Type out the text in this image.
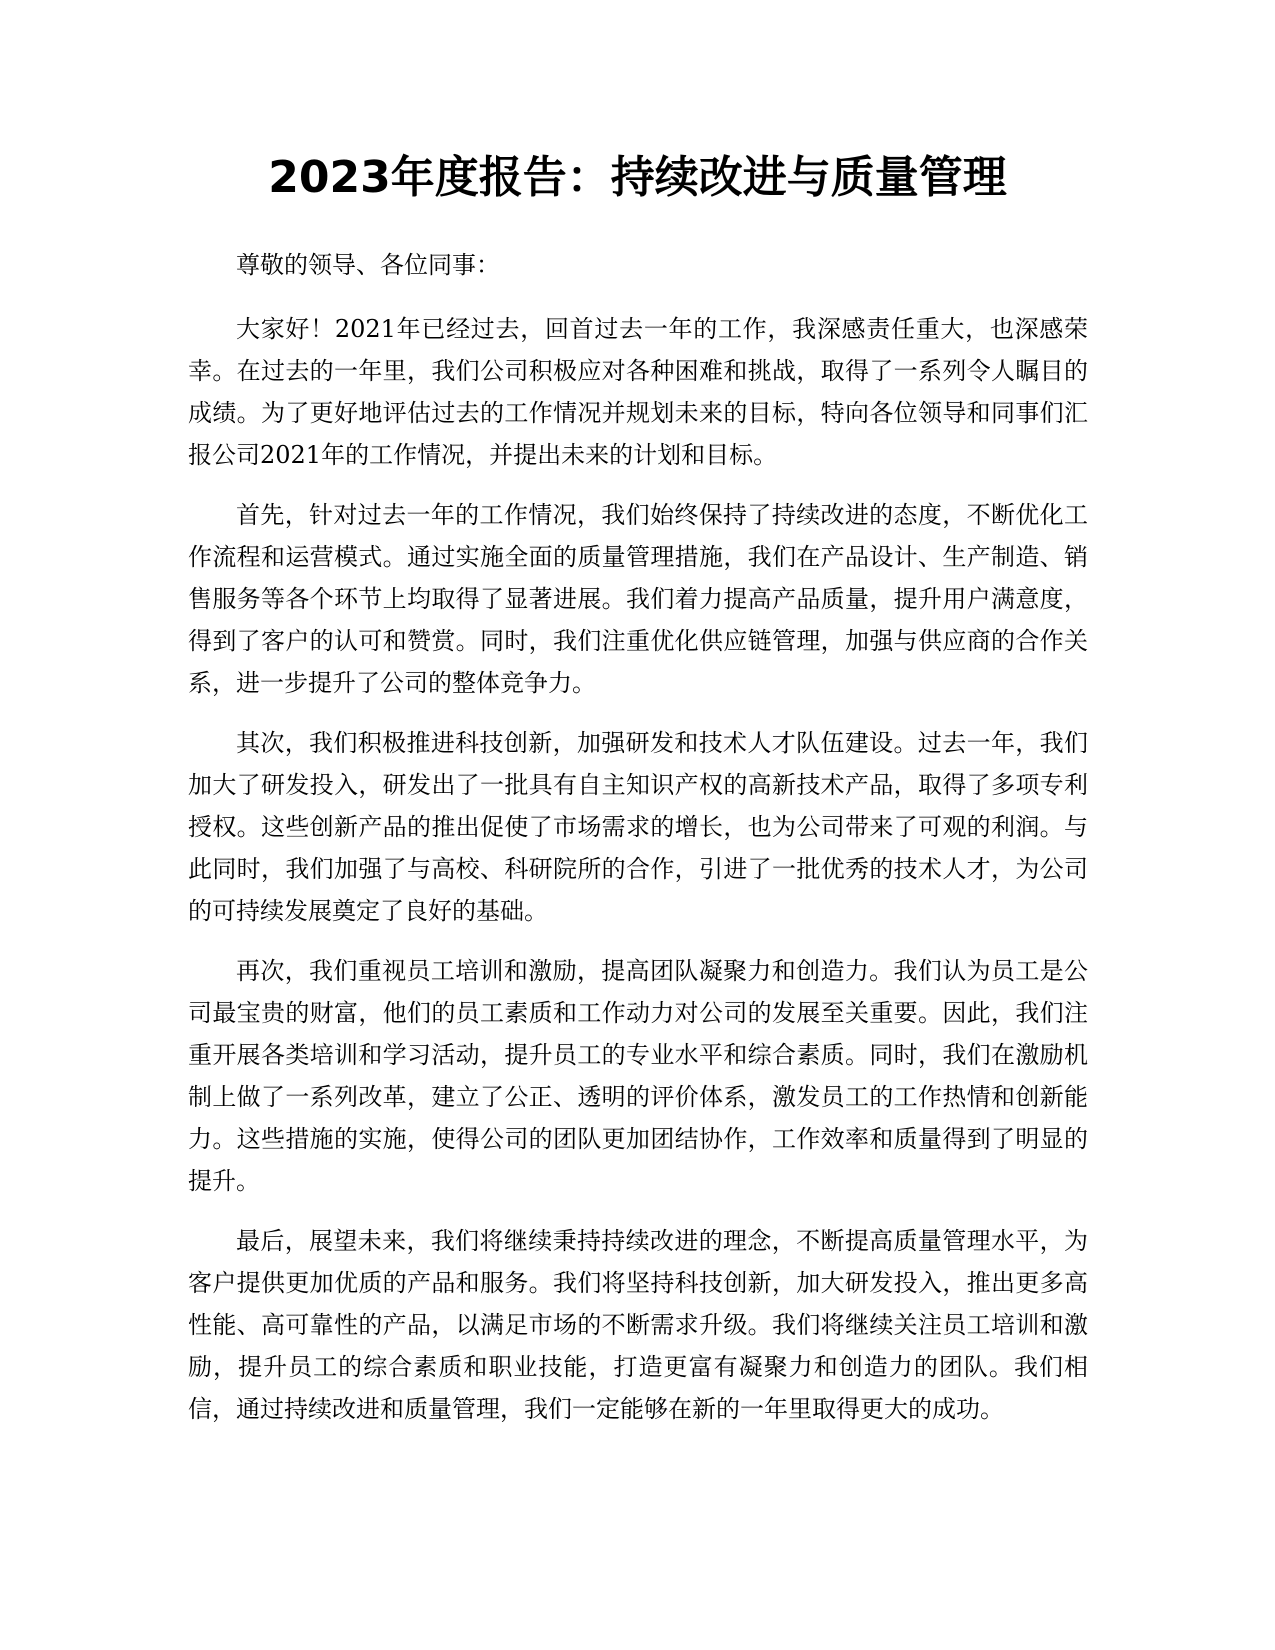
2023年度报告：持续改进与质量管理

尊敬的领导、各位同事：

大家好！2021年已经过去，回首过去一年的工作，我深感责任重大，也深感荣幸。在过去的一年里，我们公司积极应对各种困难和挑战，取得了一系列令人瞩目的成绩。为了更好地评估过去的工作情况并规划未来的目标，特向各位领导和同事们汇报公司2021年的工作情况，并提出未来的计划和目标。

首先，针对过去一年的工作情况，我们始终保持了持续改进的态度，不断优化工作流程和运营模式。通过实施全面的质量管理措施，我们在产品设计、生产制造、销售服务等各个环节上均取得了显著进展。我们着力提高产品质量，提升用户满意度，得到了客户的认可和赞赏。同时，我们注重优化供应链管理，加强与供应商的合作关系，进一步提升了公司的整体竞争力。

其次，我们积极推进科技创新，加强研发和技术人才队伍建设。过去一年，我们加大了研发投入，研发出了一批具有自主知识产权的高新技术产品，取得了多项专利授权。这些创新产品的推出促使了市场需求的增长，也为公司带来了可观的利润。与此同时，我们加强了与高校、科研院所的合作，引进了一批优秀的技术人才，为公司的可持续发展奠定了良好的基础。

再次，我们重视员工培训和激励，提高团队凝聚力和创造力。我们认为员工是公司最宝贵的财富，他们的员工素质和工作动力对公司的发展至关重要。因此，我们注重开展各类培训和学习活动，提升员工的专业水平和综合素质。同时，我们在激励机制上做了一系列改革，建立了公正、透明的评价体系，激发员工的工作热情和创新能力。这些措施的实施，使得公司的团队更加团结协作，工作效率和质量得到了明显的提升。

最后，展望未来，我们将继续秉持持续改进的理念，不断提高质量管理水平，为客户提供更加优质的产品和服务。我们将坚持科技创新，加大研发投入，推出更多高性能、高可靠性的产品，以满足市场的不断需求升级。我们将继续关注员工培训和激励，提升员工的综合素质和职业技能，打造更富有凝聚力和创造力的团队。我们相信，通过持续改进和质量管理，我们一定能够在新的一年里取得更大的成功。
